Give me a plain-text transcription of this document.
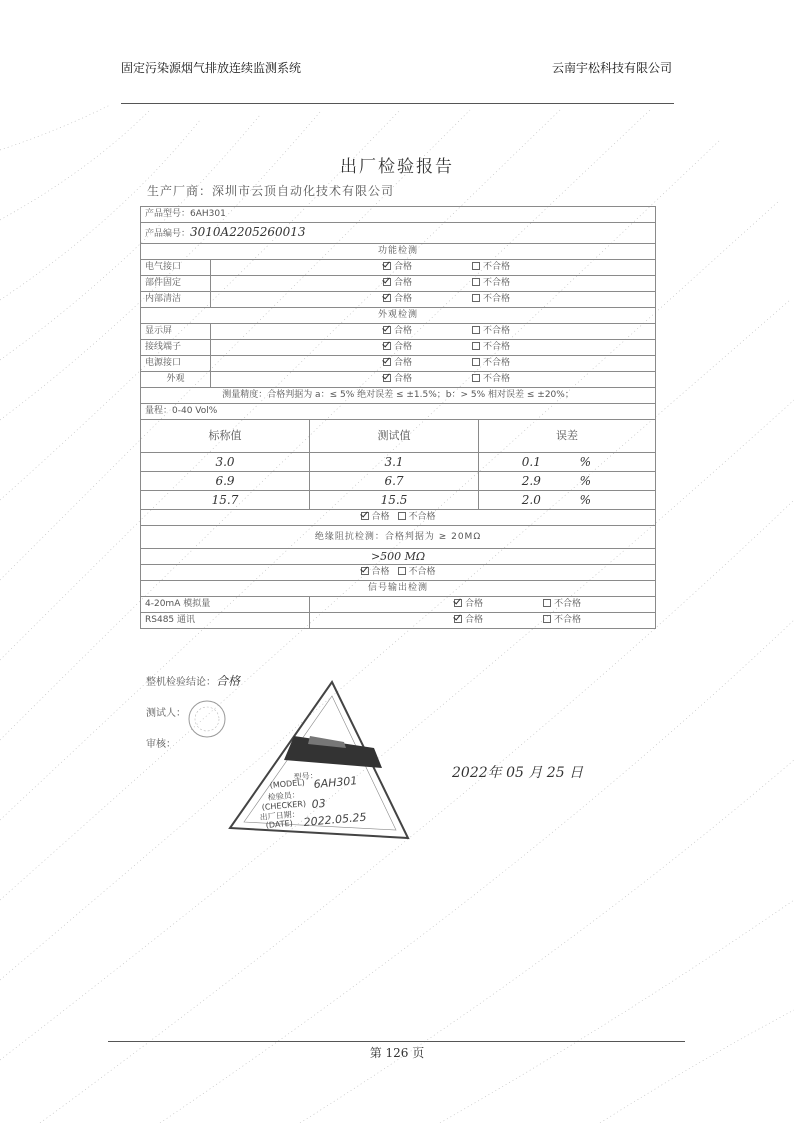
固定污染源烟气排放连续监测系统	云南宇松科技有限公司
出厂检验报告
生产厂商：深圳市云顶自动化技术有限公司
产品型号：6AH301			
产品编号：3010A2205260013			
功能检测			
电气接口	合格 不合格		
部件固定	合格 不合格		
内部清洁	合格 不合格		
外观检测			
显示屏	合格 不合格		
接线端子	合格 不合格		
电源接口	合格 不合格		
外观	合格 不合格		
测量精度：合格判据为 a：≤ 5% 绝对误差 ≤ ±1.5%；b：> 5% 相对误差 ≤ ±20%；			
量程：0-40 Vol%			
标称值		测试值	误差
3.0		3.1	0.1 %

6.9		6.7	2.9 %

15.7		15.5	2.0 %

合格 不合格			
绝缘阻抗检测：合格判据为 ≥ 20MΩ			
>500 MΩ			
合格 不合格			
信号输出检测			
4-20mA 模拟量		合格 不合格	
RS485 通讯		合格 不合格	
整机检验结论：合格
测试人：
审核：
2022年 05 月 25 日
型号：
(MODEL) 6AH301
检验员：
(CHECKER) 03
出厂日期：
(DATE) 2022.05.25
第 126 页
